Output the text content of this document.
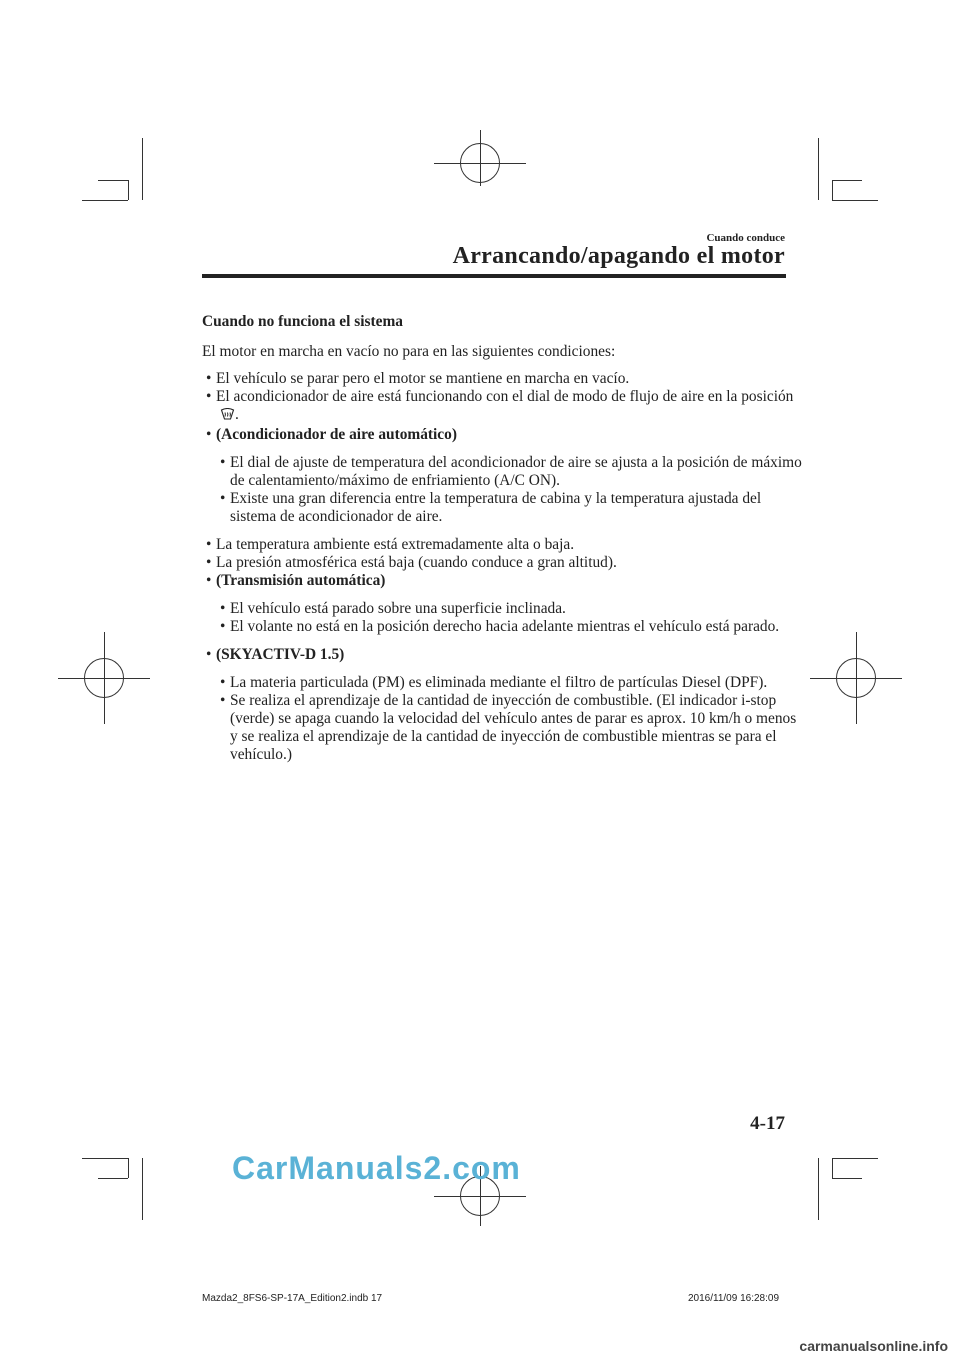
Cuando conduce
Arrancando/apagando el motor

Cuando no funciona el sistema

El motor en marcha en vacío no para en las siguientes condiciones:

• El vehículo se parar pero el motor se mantiene en marcha en vacío.
• El acondicionador de aire está funcionando con el dial de modo de flujo de aire en la posición .
• (Acondicionador de aire automático)
• El dial de ajuste de temperatura del acondicionador de aire se ajusta a la posición de máximo de calentamiento/máximo de enfriamiento (A/C ON).
• Existe una gran diferencia entre la temperatura de cabina y la temperatura ajustada del sistema de acondicionador de aire.
• La temperatura ambiente está extremadamente alta o baja.
• La presión atmosférica está baja (cuando conduce a gran altitud).
• (Transmisión automática)
• El vehículo está parado sobre una superficie inclinada.
• El volante no está en la posición derecho hacia adelante mientras el vehículo está parado.
• (SKYACTIV-D 1.5)
• La materia particulada (PM) es eliminada mediante el filtro de partículas Diesel (DPF).
• Se realiza el aprendizaje de la cantidad de inyección de combustible. (El indicador i-stop (verde) se apaga cuando la velocidad del vehículo antes de parar es aprox. 10 km/h o menos y se realiza el aprendizaje de la cantidad de inyección de combustible mientras se para el vehículo.)
4-17
CarManuals2.com
Mazda2_8FS6-SP-17A_Edition2.indb 17	2016/11/09 16:28:09
carmanualsonline.info
